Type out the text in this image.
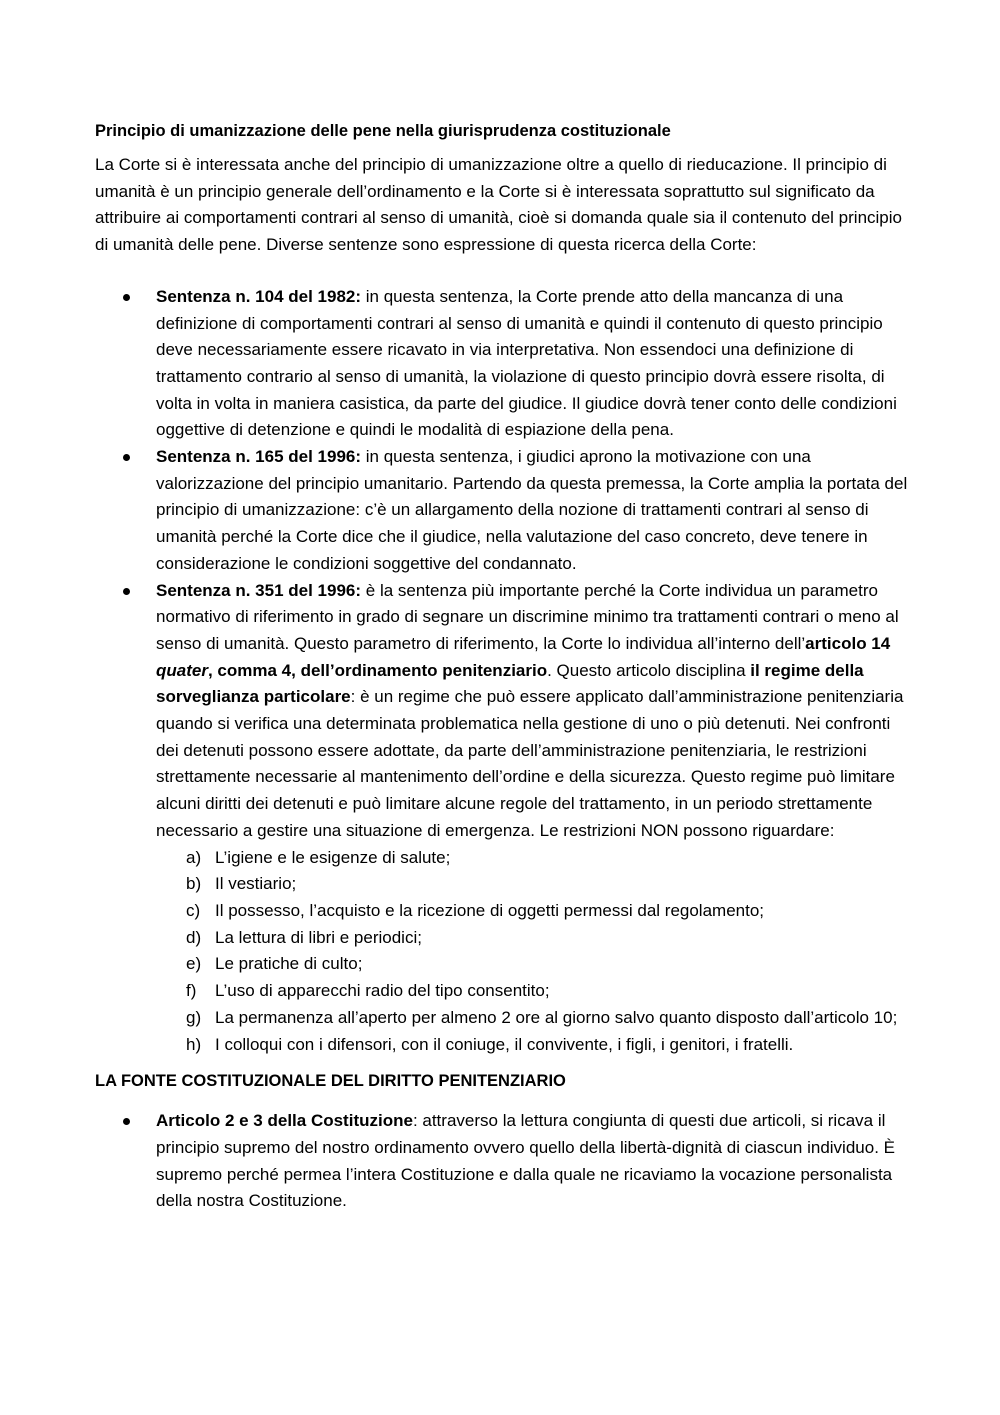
Principio di umanizzazione delle pene nella giurisprudenza costituzionale

La Corte si è interessata anche del principio di umanizzazione oltre a quello di rieducazione. Il principio di umanità è un principio generale dell’ordinamento e la Corte si è interessata soprattutto sul significato da attribuire ai comportamenti contrari al senso di umanità, cioè si domanda quale sia il contenuto del principio di umanità delle pene. Diverse sentenze sono espressione di questa ricerca della Corte:

Sentenza n. 104 del 1982: in questa sentenza, la Corte prende atto della mancanza di una definizione di comportamenti contrari al senso di umanità e quindi il contenuto di questo principio deve necessariamente essere ricavato in via interpretativa. Non essendoci una definizione di trattamento contrario al senso di umanità, la violazione di questo principio dovrà essere risolta, di volta in volta in maniera casistica, da parte del giudice. Il giudice dovrà tener conto delle condizioni oggettive di detenzione e quindi le modalità di espiazione della pena.
Sentenza n. 165 del 1996: in questa sentenza, i giudici aprono la motivazione con una valorizzazione del principio umanitario. Partendo da questa premessa, la Corte amplia la portata del principio di umanizzazione: c’è un allargamento della nozione di trattamenti contrari al senso di umanità perché la Corte dice che il giudice, nella valutazione del caso concreto, deve tenere in considerazione le condizioni soggettive del condannato.
Sentenza n. 351 del 1996: è la sentenza più importante perché la Corte individua un parametro normativo di riferimento in grado di segnare un discrimine minimo tra trattamenti contrari o meno al senso di umanità. Questo parametro di riferimento, la Corte lo individua all’interno dell’articolo 14 quater, comma 4, dell’ordinamento penitenziario. Questo articolo disciplina il regime della sorveglianza particolare: è un regime che può essere applicato dall’amministrazione penitenziaria quando si verifica una determinata problematica nella gestione di uno o più detenuti. Nei confronti dei detenuti possono essere adottate, da parte dell’amministrazione penitenziaria, le restrizioni strettamente necessarie al mantenimento dell’ordine e della sicurezza. Questo regime può limitare alcuni diritti dei detenuti e può limitare alcune regole del trattamento, in un periodo strettamente necessario a gestire una situazione di emergenza. Le restrizioni NON possono riguardare:
a) L’igiene e le esigenze di salute;
b) Il vestiario;
c) Il possesso, l’acquisto e la ricezione di oggetti permessi dal regolamento;
d) La lettura di libri e periodici;
e) Le pratiche di culto;
f) L’uso di apparecchi radio del tipo consentito;
g) La permanenza all’aperto per almeno 2 ore al giorno salvo quanto disposto dall’articolo 10;
h) I colloqui con i difensori, con il coniuge, il convivente, i figli, i genitori, i fratelli.

LA FONTE COSTITUZIONALE DEL DIRITTO PENITENZIARIO

Articolo 2 e 3 della Costituzione: attraverso la lettura congiunta di questi due articoli, si ricava il principio supremo del nostro ordinamento ovvero quello della libertà-dignità di ciascun individuo. È supremo perché permea l’intera Costituzione e dalla quale ne ricaviamo la vocazione personalista della nostra Costituzione.
